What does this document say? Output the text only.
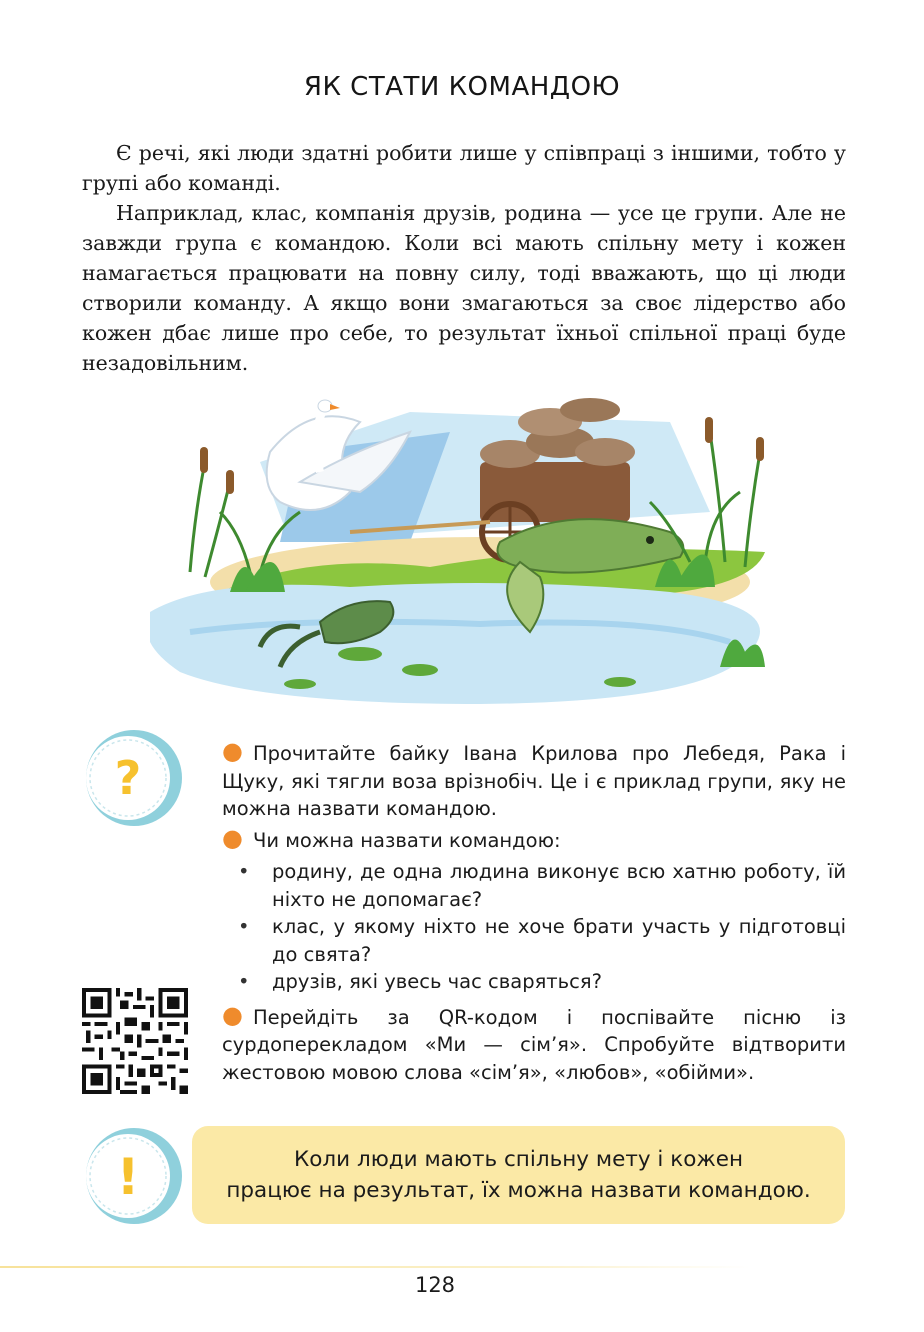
ЯК СТАТИ КОМАНДОЮ

Є речі, які люди здатні робити лише у співпраці з іншими, тобто у групі або команді.

Наприклад, клас, компанія друзів, родина — усе це групи. Але не завжди група є командою. Коли всі мають спільну мету і кожен намагається працювати на повну силу, тоді вважають, що ці люди створили команду. А якщо вони змагаються за своє лідерство або кожен дбає лише про себе, то результат їхньої спільної праці буде незадовільним.

?	● Прочитайте байку Івана Крилова про Лебедя, Рака і Щуку, які тягли воза врізнобіч. Це і є приклад групи, яку не можна назвати командою.

● Чи можна назвати командою:

• родину, де одна людина виконує всю хатню роботу, їй ніхто не допомагає?
• клас, у якому ніхто не хоче брати участь у підготовці до свята?
• друзів, які увесь час сваряться?

● Перейдіть за QR-кодом і поспівайте пісню із сурдоперекладом «Ми — сім’я». Спробуйте відтворити жестовою мовою слова «сім’я», «любов», «обійми».

!	Коли люди мають спільну мету і кожен
працює на результат, їх можна назвати командою.
128
